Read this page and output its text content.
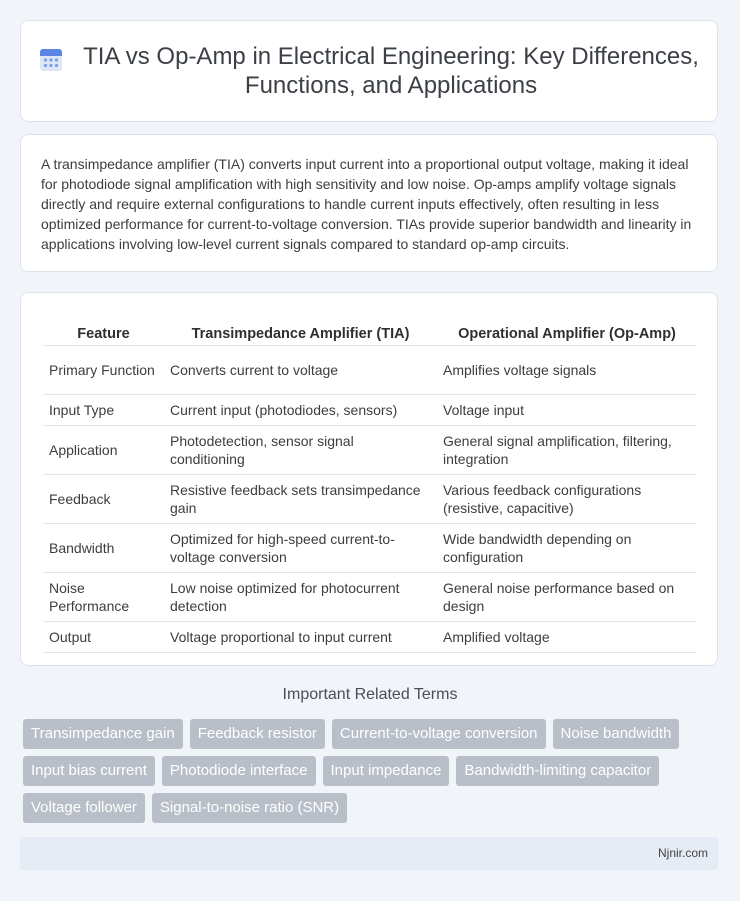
TIA vs Op-Amp in Electrical Engineering: Key Differences, Functions, and Applications

A transimpedance amplifier (TIA) converts input current into a proportional output voltage, making it ideal for photodiode signal amplification with high sensitivity and low noise. Op-amps amplify voltage signals directly and require external configurations to handle current inputs effectively, often resulting in less optimized performance for current-to-voltage conversion. TIAs provide superior bandwidth and linearity in applications involving low-level current signals compared to standard op-amp circuits.

Feature	Transimpedance Amplifier (TIA)	Operational Amplifier (Op-Amp)
Primary Function	Converts current to voltage	Amplifies voltage signals
Input Type	Current input (photodiodes, sensors)	Voltage input
Application	Photodetection, sensor signal conditioning	General signal amplification, filtering, integration
Feedback	Resistive feedback sets transimpedance gain	Various feedback configurations (resistive, capacitive)
Bandwidth	Optimized for high-speed current-to-voltage conversion	Wide bandwidth depending on configuration
Noise Performance	Low noise optimized for photocurrent detection	General noise performance based on design
Output	Voltage proportional to input current	Amplified voltage
Important Related Terms
Transimpedance gain	Feedback resistor	Current-to-voltage conversion	Noise bandwidth
Input bias current	Photodiode interface	Input impedance	Bandwidth-limiting capacitor
Voltage follower	Signal-to-noise ratio (SNR)
Njnir.com
